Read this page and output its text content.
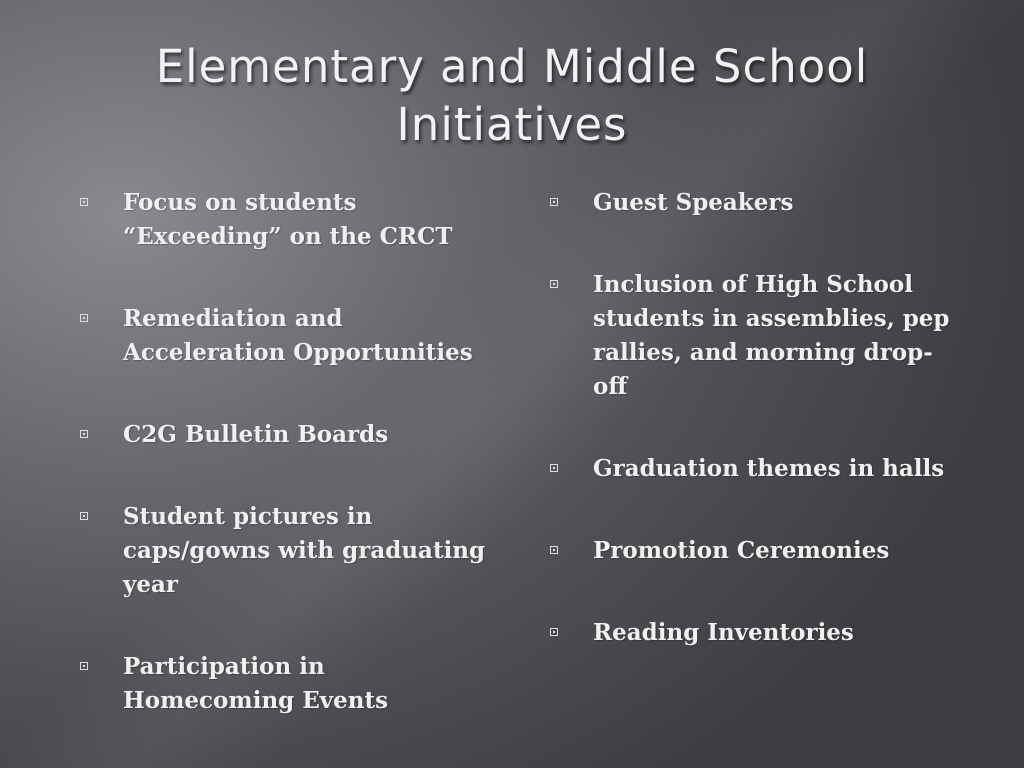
Elementary and Middle School
Initiatives
Focus on students
“Exceeding” on the CRCT
Remediation and
Acceleration Opportunities
C2G Bulletin Boards
Student pictures in
caps/gowns with graduating
year
Participation in
Homecoming Events
Guest Speakers
Inclusion of High School
students in assemblies, pep
rallies, and morning drop-
off
Graduation themes in halls
Promotion Ceremonies
Reading Inventories
